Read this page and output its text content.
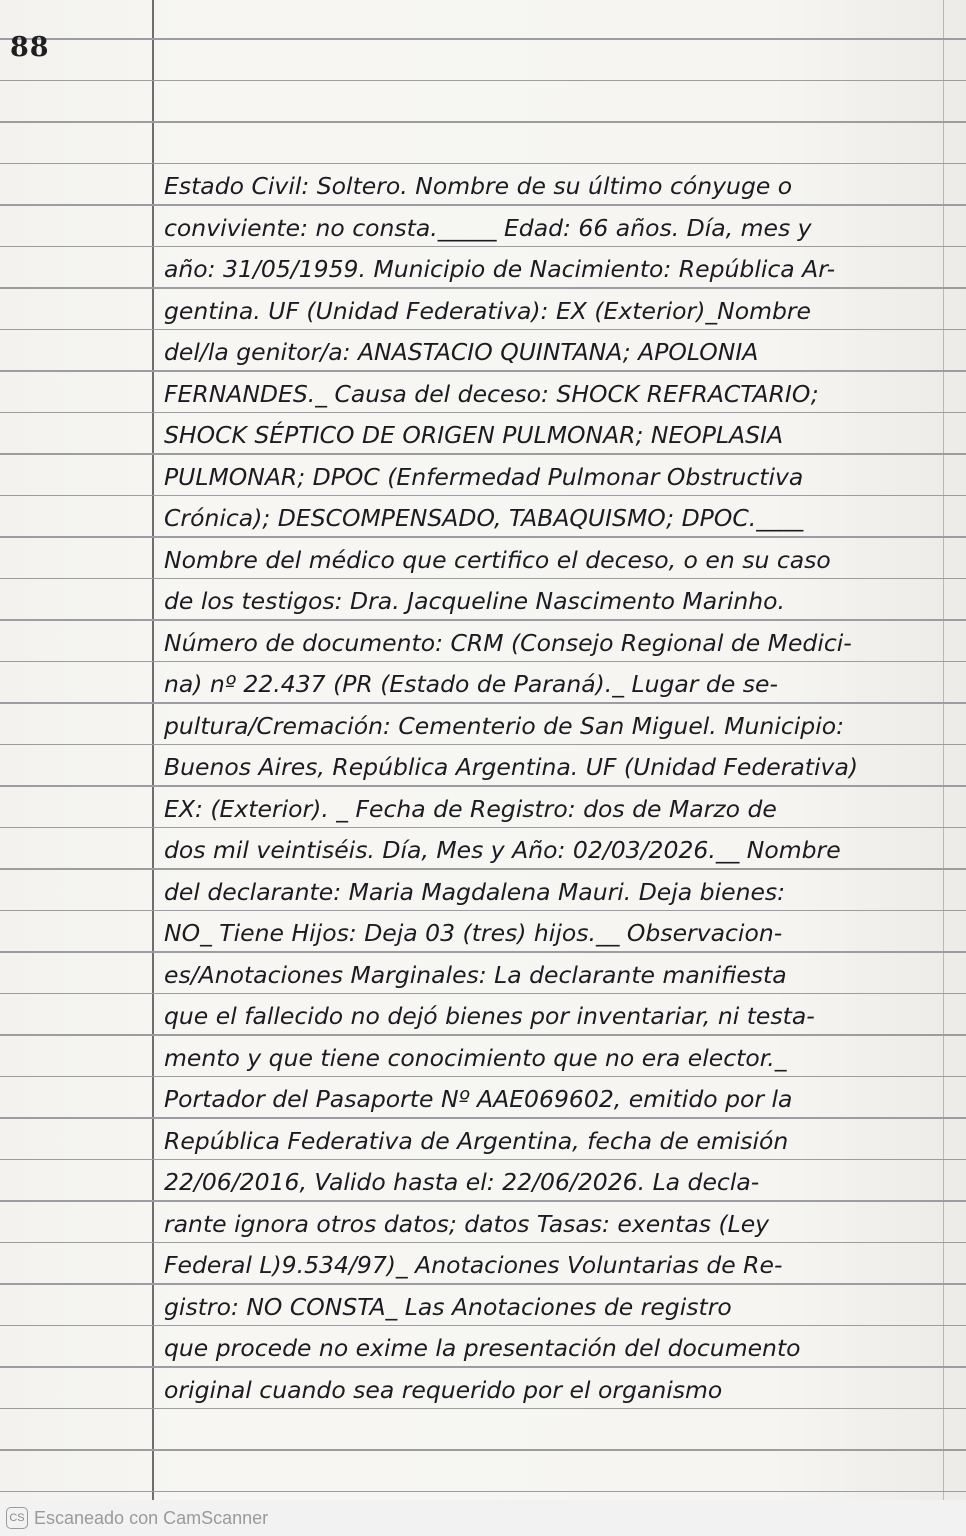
88
Estado Civil: Soltero. Nombre de su último cónyuge o
conviviente: no consta._____ Edad: 66 años. Día, mes y
año: 31/05/1959. Municipio de Nacimiento: República Ar-
gentina. UF (Unidad Federativa): EX (Exterior)_Nombre
del/la genitor/a: ANASTACIO QUINTANA; APOLONIA
FERNANDES._ Causa del deceso: SHOCK REFRACTARIO;
SHOCK SÉPTICO DE ORIGEN PULMONAR; NEOPLASIA
PULMONAR; DPOC (Enfermedad Pulmonar Obstructiva
Crónica); DESCOMPENSADO, TABAQUISMO; DPOC.____
Nombre del médico que certifico el deceso, o en su caso
de los testigos: Dra. Jacqueline Nascimento Marinho.
Número de documento: CRM (Consejo Regional de Medici-
na) nº 22.437 (PR (Estado de Paraná)._ Lugar de se-
pultura/Cremación: Cementerio de San Miguel. Municipio:
Buenos Aires, República Argentina. UF (Unidad Federativa)
EX: (Exterior). _ Fecha de Registro: dos de Marzo de
dos mil veintiséis. Día, Mes y Año: 02/03/2026.__ Nombre
del declarante: Maria Magdalena Mauri. Deja bienes:
NO_ Tiene Hijos: Deja 03 (tres) hijos.__ Observacion-
es/Anotaciones Marginales: La declarante manifiesta
que el fallecido no dejó bienes por inventariar, ni testa-
mento y que tiene conocimiento que no era elector._
Portador del Pasaporte Nº AAE069602, emitido por la
República Federativa de Argentina, fecha de emisión
22/06/2016, Valido hasta el: 22/06/2026. La decla-
rante ignora otros datos; datos Tasas: exentas (Ley
Federal L)9.534/97)_ Anotaciones Voluntarias de Re-
gistro: NO CONSTA_ Las Anotaciones de registro
que procede no exime la presentación del documento
original cuando sea requerido por el organismo
CS Escaneado con CamScanner
